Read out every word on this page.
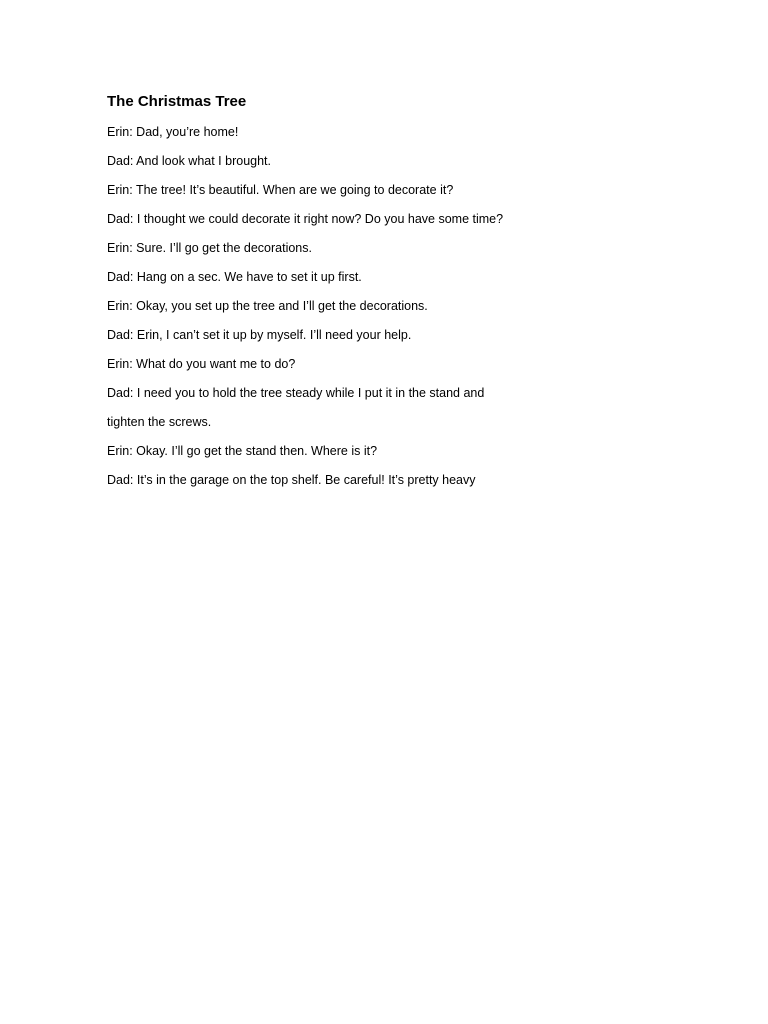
The Christmas Tree
Erin: Dad, you’re home!
Dad: And look what I brought.
Erin: The tree! It’s beautiful. When are we going to decorate it?
Dad: I thought we could decorate it right now? Do you have some time?
Erin: Sure. I’ll go get the decorations.
Dad: Hang on a sec. We have to set it up first.
Erin: Okay, you set up the tree and I’ll get the decorations.
Dad: Erin, I can’t set it up by myself. I’ll need your help.
Erin: What do you want me to do?
Dad: I need you to hold the tree steady while I put it in the stand and
tighten the screws.
Erin: Okay. I’ll go get the stand then. Where is it?
Dad: It’s in the garage on the top shelf. Be careful! It’s pretty heavy
